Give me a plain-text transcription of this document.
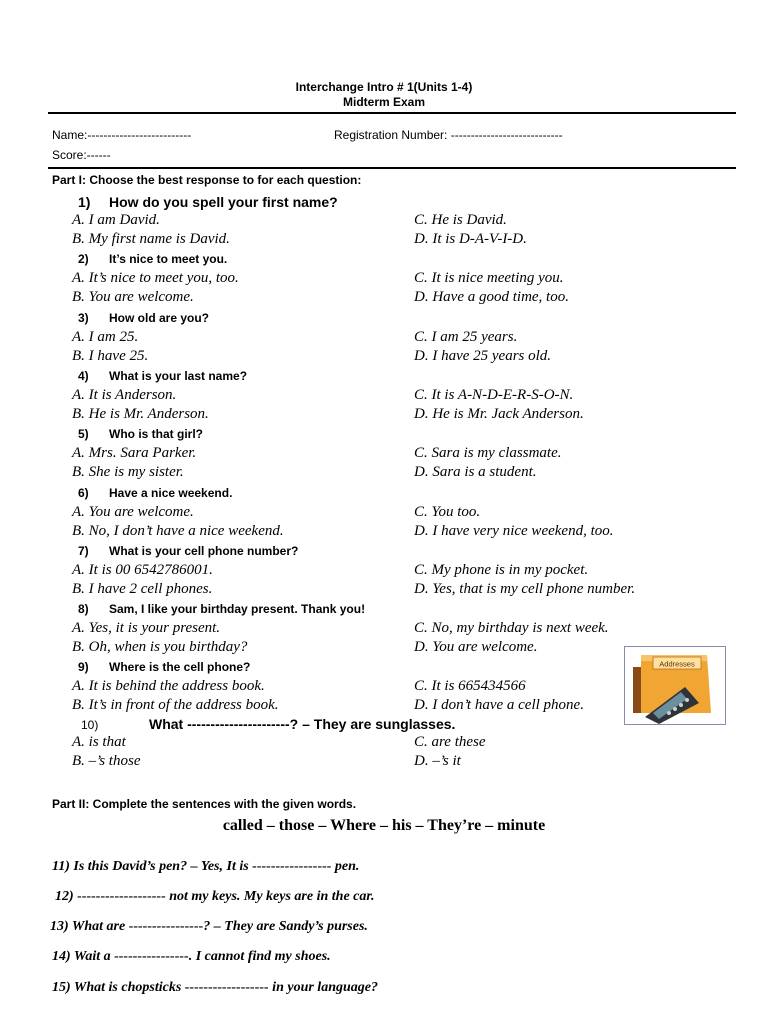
Interchange Intro # 1(Units 1-4)
Midterm Exam
Name:--------------------------	Registration Number: ----------------------------
Score:------
Part I: Choose the best response to for each question:
1) How do you spell your first name?
A. I am David.
B. My first name is David.
C. He is David.
D. It is D-A-V-I-D.
2) It’s nice to meet you.
A. It’s nice to meet you, too.
B. You are welcome.
C. It is nice meeting you.
D. Have a good time, too.
3) How old are you?
A. I am 25.
B. I have 25.
C. I am 25 years.
D. I have 25 years old.
4) What is your last name?
A. It is Anderson.
B. He is Mr. Anderson.
C. It is A-N-D-E-R-S-O-N.
D. He is Mr. Jack Anderson.
5) Who is that girl?
A. Mrs. Sara Parker.
B. She is my sister.
C. Sara is my classmate.
D. Sara is a student.
6) Have a nice weekend.
A. You are welcome.
B. No, I don’t have a nice weekend.
C. You too.
D. I have very nice weekend, too.
7) What is your cell phone number?
A. It is 00 6542786001.
B. I have 2 cell phones.
C. My phone is in my pocket.
D. Yes, that is my cell phone number.
8) Sam, I like your birthday present. Thank you!
A. Yes, it is your present.
B. Oh, when is you birthday?
C. No, my birthday is next week.
D. You are welcome.
9) Where is the cell phone?
A. It is behind the address book.
B. It’s in front of the address book.
C. It is 665434566
D. I don’t have a cell phone.
10)	What ----------------------? – They are sunglasses.
A. is that
B. –’s those
C. are these
D. –’s it
Addresses
Part II: Complete the sentences with the given words.
called – those – Where – his – They’re – minute
11) Is this David’s pen? – Yes, It is ----------------- pen.
12) ------------------- not my keys. My keys are in the car.
13) What are ----------------? – They are Sandy’s purses.
14) Wait a ----------------. I cannot find my shoes.
15) What is chopsticks ------------------ in your language?
